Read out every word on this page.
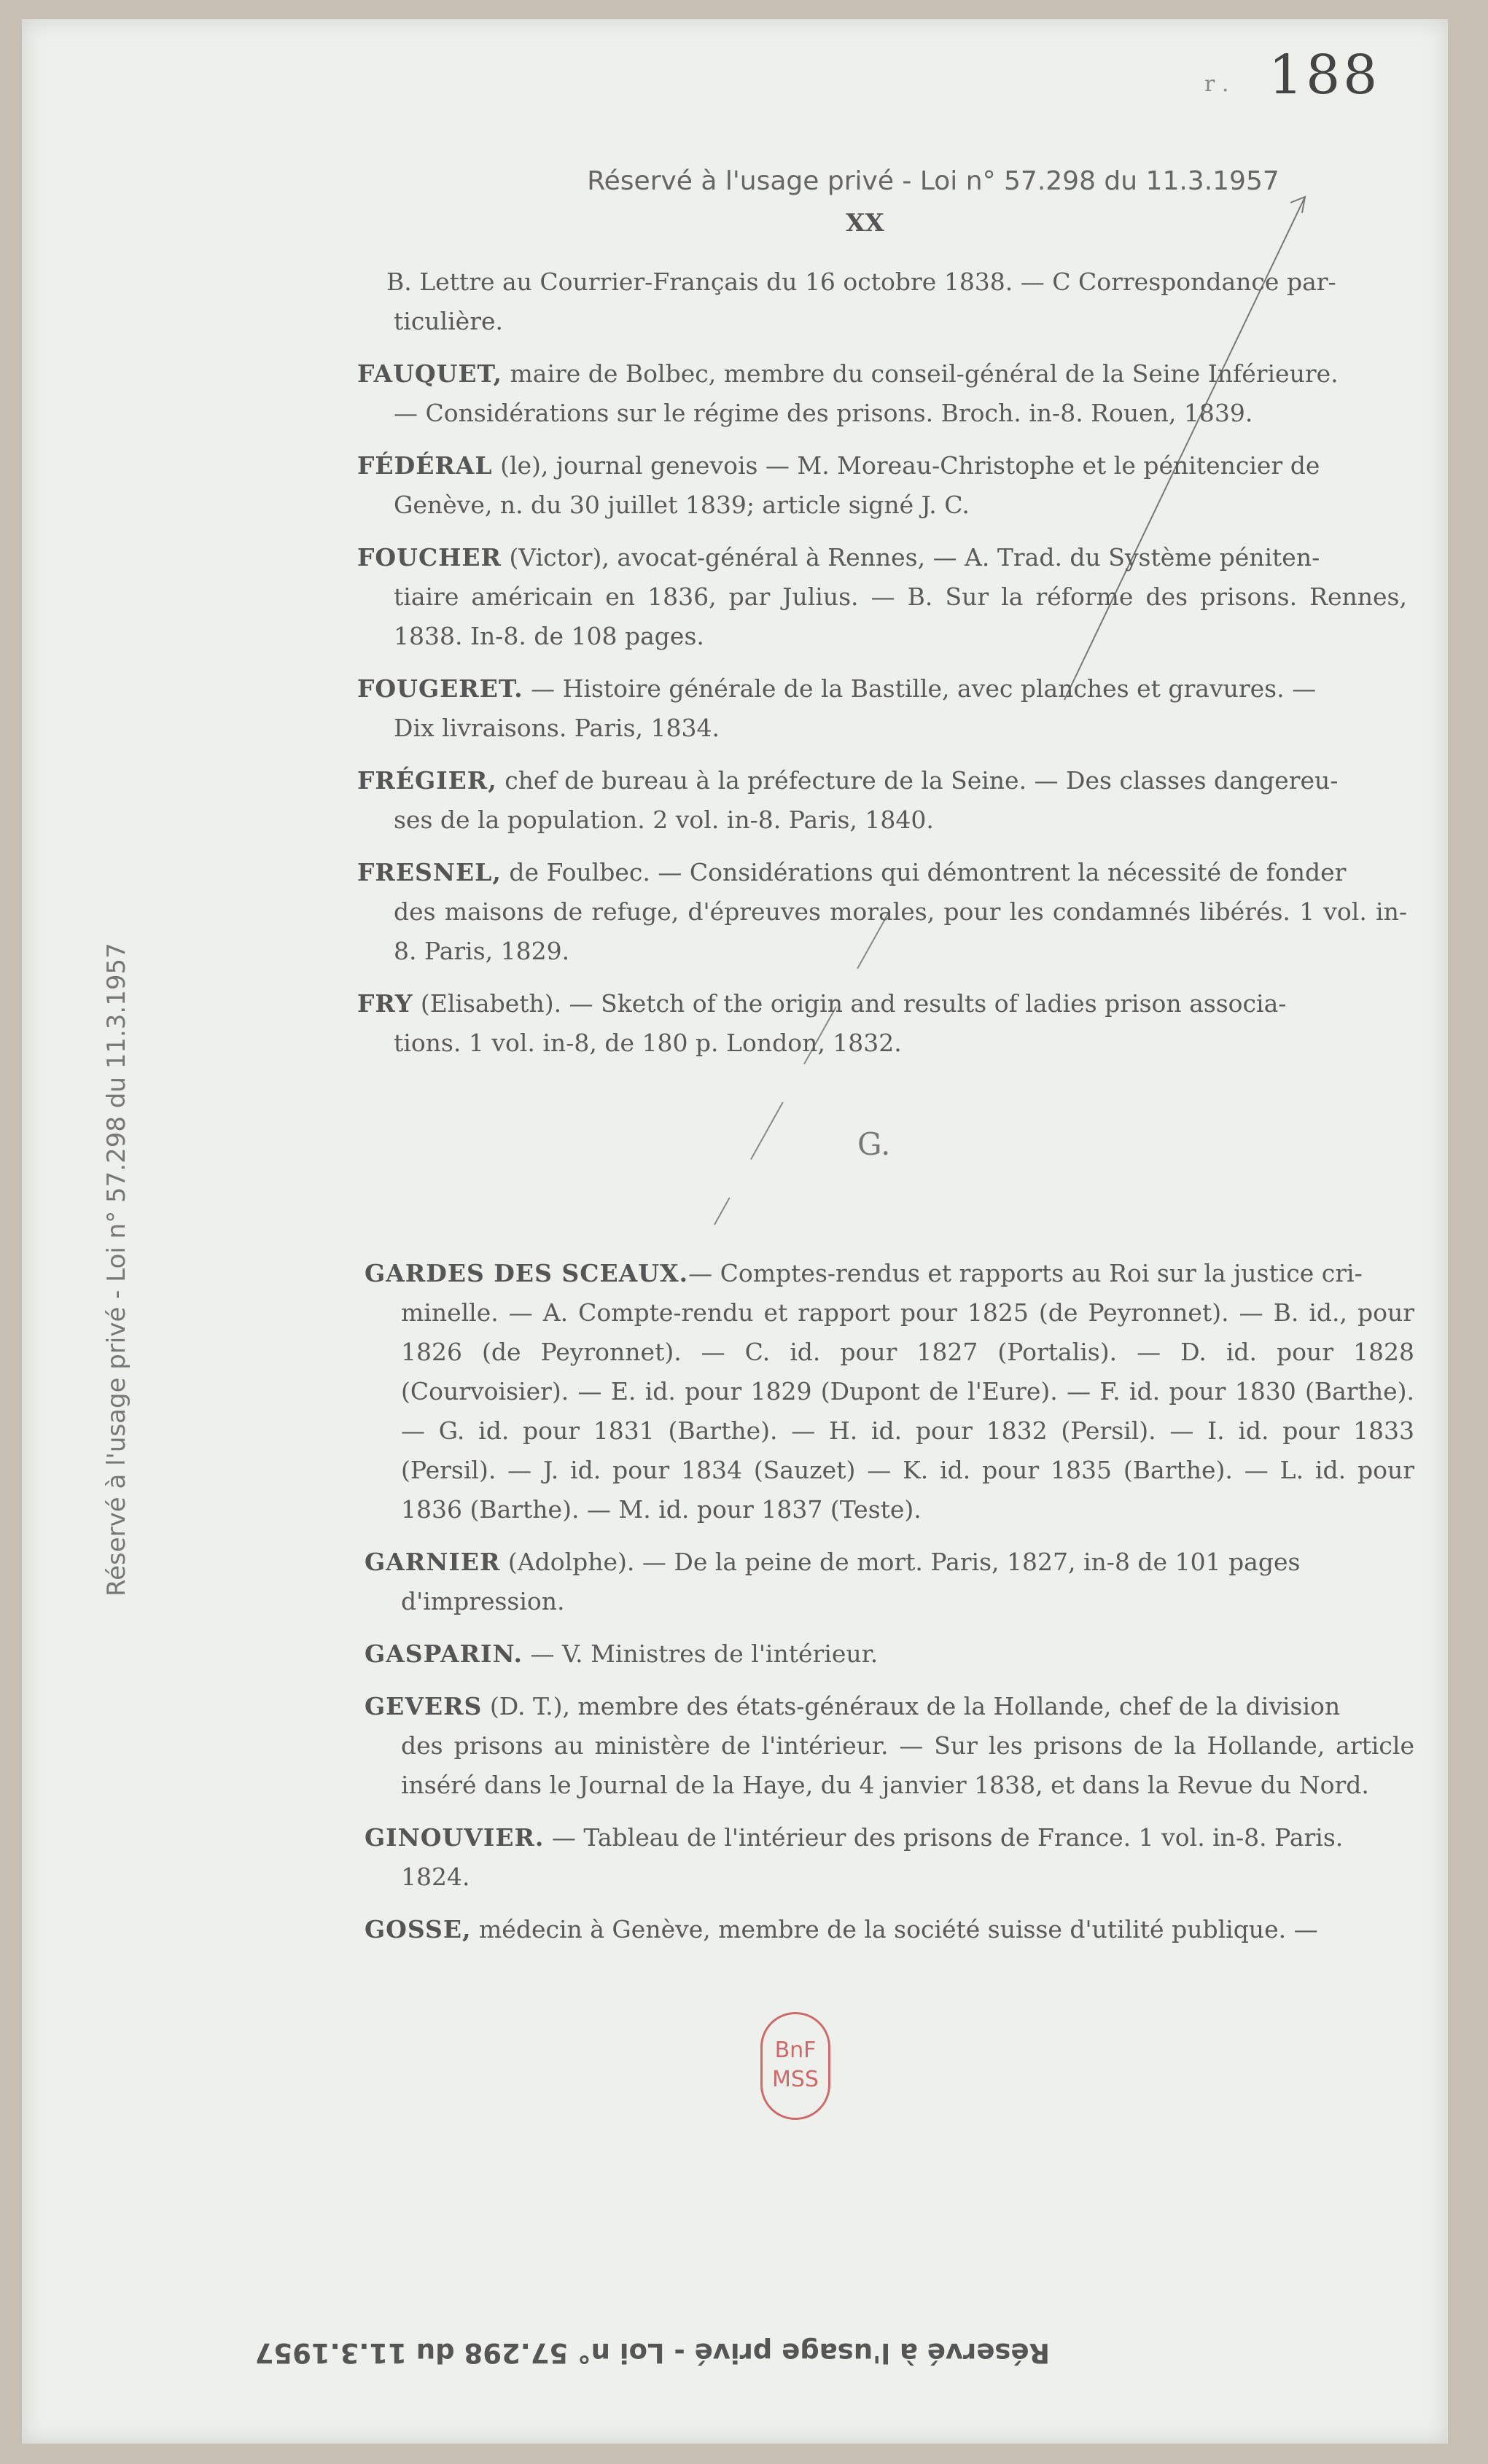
r . 188
Réservé à l'usage privé - Loi n° 57.298 du 11.3.1957
XX
Réservé à l'usage privé - Loi n° 57.298 du 11.3.1957
B. Lettre au Courrier-Français du 16 octobre 1838. — C Correspondance par-
ticulière.
FAUQUET, maire de Bolbec, membre du conseil-général de la Seine Inférieure.
— Considérations sur le régime des prisons. Broch. in-8. Rouen, 1839.
FÉDÉRAL (le), journal genevois — M. Moreau-Christophe et le pénitencier de
Genève, n. du 30 juillet 1839; article signé J. C.
FOUCHER (Victor), avocat-général à Rennes, — A. Trad. du Système péniten-
tiaire américain en 1836, par Julius. — B. Sur la réforme des prisons. Rennes, 1838. In-8. de 108 pages.
FOUGERET. — Histoire générale de la Bastille, avec planches et gravures. —
Dix livraisons. Paris, 1834.
FRÉGIER, chef de bureau à la préfecture de la Seine. — Des classes dangereu-
ses de la population. 2 vol. in-8. Paris, 1840.
FRESNEL, de Foulbec. — Considérations qui démontrent la nécessité de fonder
des maisons de refuge, d'épreuves morales, pour les condamnés libérés. 1 vol. in-8. Paris, 1829.
FRY (Elisabeth). — Sketch of the origin and results of ladies prison associa-
tions. 1 vol. in-8, de 180 p. London, 1832.
G.
GARDES DES SCEAUX.— Comptes-rendus et rapports au Roi sur la justice cri-
minelle. — A. Compte-rendu et rapport pour 1825 (de Peyronnet). — B. id., pour 1826 (de Peyronnet). — C. id. pour 1827 (Portalis). — D. id. pour 1828 (Courvoisier). — E. id. pour 1829 (Dupont de l'Eure). — F. id. pour 1830 (Barthe). — G. id. pour 1831 (Barthe). — H. id. pour 1832 (Persil). — I. id. pour 1833 (Persil). — J. id. pour 1834 (Sauzet) — K. id. pour 1835 (Barthe). — L. id. pour 1836 (Barthe). — M. id. pour 1837 (Teste).
GARNIER (Adolphe). — De la peine de mort. Paris, 1827, in-8 de 101 pages
d'impression.
GASPARIN. — V. Ministres de l'intérieur.
GEVERS (D. T.), membre des états-généraux de la Hollande, chef de la division
des prisons au ministère de l'intérieur. — Sur les prisons de la Hollande, article inséré dans le Journal de la Haye, du 4 janvier 1838, et dans la Revue du Nord.
GINOUVIER. — Tableau de l'intérieur des prisons de France. 1 vol. in-8. Paris.
1824.
GOSSE, médecin à Genève, membre de la société suisse d'utilité publique. —
BnF
MSS
Réservé à l'usage privé - Loi n° 57.298 du 11.3.1957
